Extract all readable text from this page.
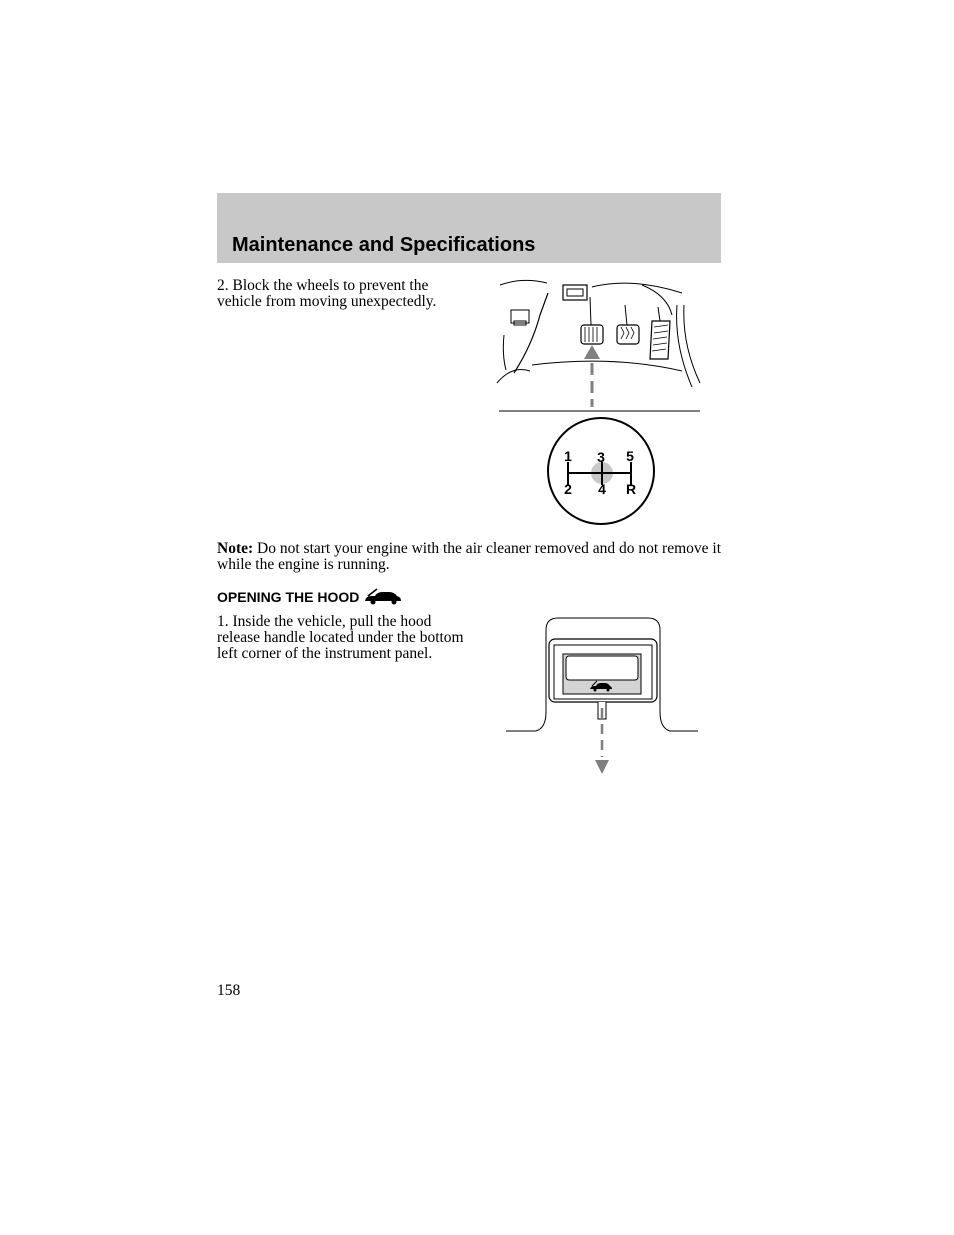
Maintenance and Specifications

2. Block the wheels to prevent the vehicle from moving unexpectedly.

1 3 5
2 4 R

Note: Do not start your engine with the air cleaner removed and do not remove it while the engine is running.

OPENING THE HOOD

1. Inside the vehicle, pull the hood release handle located under the bottom left corner of the instrument panel.

158
